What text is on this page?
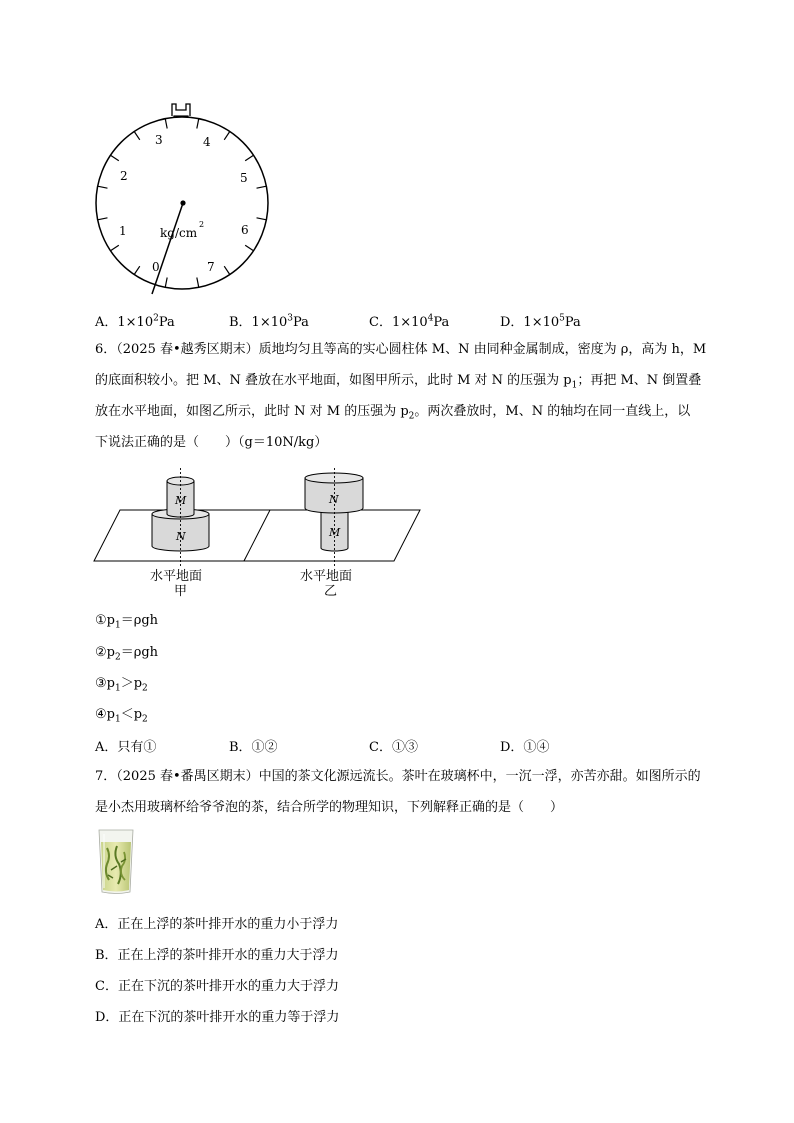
0
1
2
3	4
5
6
7
kg/cm
2
A．$1\times 10^2Pa$	B．$1\times 10^3Pa$	C．$1\times 10^4Pa$	D．$1\times 10^5Pa$
6．（2025 春•越秀区期末）质地均匀且等高的实心圆柱体 M、N 由同种金属制成，密度为 ρ，高为 h，M
的底面积较小。把 M、N 叠放在水平地面，如图甲所示，此时 M 对 N 的压强为 $p_1$；再把 M、N 倒置叠
放在水平地面，如图乙所示，此时 N 对 M 的压强为 $p_2$。两次叠放时，M、N 的轴均在同一直线上，以
下说法正确的是（　　）（g＝10N/kg）
M
N
N
M
水平地面
甲
水平地面
乙
$①p_1=\rho gh$
$②p_2=\rho gh$
$③p_1>p_2$
$④p_1<p_2$
A．只有①	B．①②	C．①③	D．①④
7．（2025 春•番禺区期末）中国的茶文化源远流长。茶叶在玻璃杯中，一沉一浮，亦苦亦甜。如图所示的
是小杰用玻璃杯给爷爷泡的茶，结合所学的物理知识，下列解释正确的是（　　）
A．正在上浮的茶叶排开水的重力小于浮力
B．正在上浮的茶叶排开水的重力大于浮力
C．正在下沉的茶叶排开水的重力大于浮力
D．正在下沉的茶叶排开水的重力等于浮力
